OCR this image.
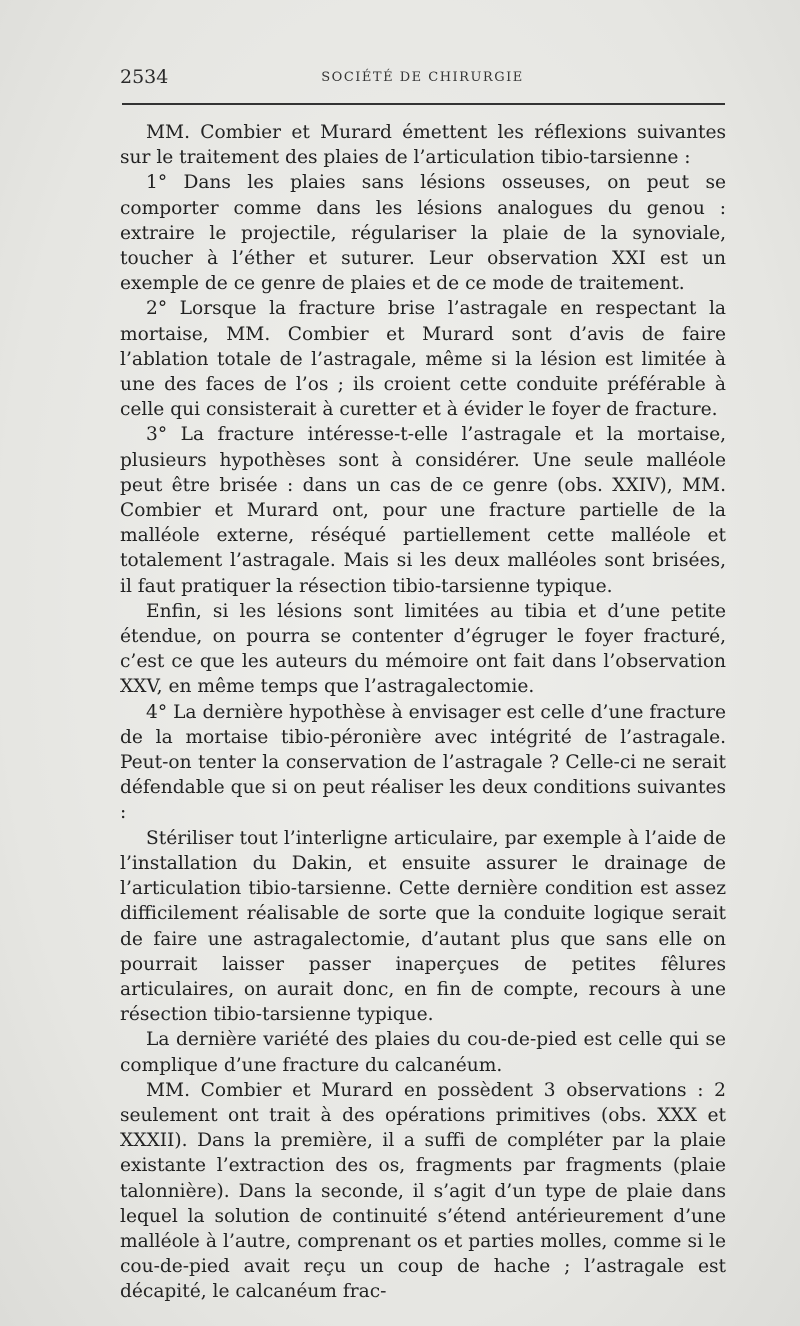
2534	SOCIÉTÉ DE CHIRURGIE

MM. Combier et Murard émettent les réflexions suivantes sur le traitement des plaies de l’articulation tibio-tarsienne :

1° Dans les plaies sans lésions osseuses, on peut se comporter comme dans les lésions analogues du genou : extraire le projectile, régulariser la plaie de la synoviale, toucher à l’éther et suturer. Leur observation XXI est un exemple de ce genre de plaies et de ce mode de traitement.

2° Lorsque la fracture brise l’astragale en respectant la mortaise, MM. Combier et Murard sont d’avis de faire l’ablation totale de l’astragale, même si la lésion est limitée à une des faces de l’os ; ils croient cette conduite préférable à celle qui consisterait à curetter et à évider le foyer de fracture.

3° La fracture intéresse-t-elle l’astragale et la mortaise, plusieurs hypothèses sont à considérer. Une seule malléole peut être brisée : dans un cas de ce genre (obs. XXIV), MM. Combier et Murard ont, pour une fracture partielle de la malléole externe, réséqué partiellement cette malléole et totalement l’astragale. Mais si les deux malléoles sont brisées, il faut pratiquer la résection tibio-tarsienne typique.

Enfin, si les lésions sont limitées au tibia et d’une petite étendue, on pourra se contenter d’égruger le foyer fracturé, c’est ce que les auteurs du mémoire ont fait dans l’observation XXV, en même temps que l’astragalectomie.

4° La dernière hypothèse à envisager est celle d’une fracture de la mortaise tibio-péronière avec intégrité de l’astragale. Peut-on tenter la conservation de l’astragale ? Celle-ci ne serait défendable que si on peut réaliser les deux conditions suivantes :

Stériliser tout l’interligne articulaire, par exemple à l’aide de l’installation du Dakin, et ensuite assurer le drainage de l’articulation tibio-tarsienne. Cette dernière condition est assez difficilement réalisable de sorte que la conduite logique serait de faire une astragalectomie, d’autant plus que sans elle on pourrait laisser passer inaperçues de petites fêlures articulaires, on aurait donc, en fin de compte, recours à une résection tibio-tarsienne typique.

La dernière variété des plaies du cou-de-pied est celle qui se complique d’une fracture du calcanéum.

MM. Combier et Murard en possèdent 3 observations : 2 seulement ont trait à des opérations primitives (obs. XXX et XXXII). Dans la première, il a suffi de compléter par la plaie existante l’extraction des os, fragments par fragments (plaie talonnière). Dans la seconde, il s’agit d’un type de plaie dans lequel la solution de continuité s’étend antérieurement d’une malléole à l’autre, comprenant os et parties molles, comme si le cou-de-pied avait reçu un coup de hache ; l’astragale est décapité, le calcanéum frac-
